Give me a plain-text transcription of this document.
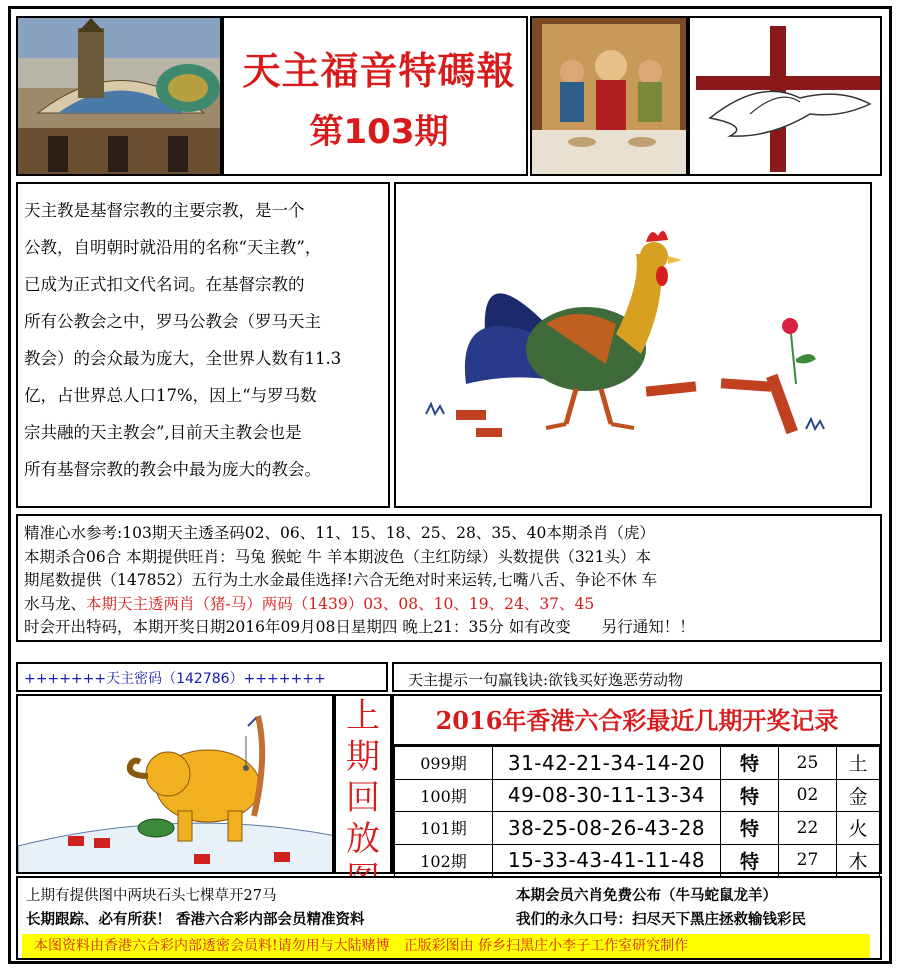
天主福音特碼報
第103期

天主教是基督宗教的主要宗教，是一个

公教，自明朝时就沿用的名称“天主教”，

已成为正式扣文代名词。在基督宗教的

所有公教会之中，罗马公教会（罗马天主

教会）的会众最为庞大，全世界人数有11.3

亿，占世界总人口17%，因上“与罗马数

宗共融的天主教会”,目前天主教会也是

所有基督宗教的教会中最为庞大的教会。

精准心水参考:103期天主透圣码02、06、11、15、18、25、28、35、40本期杀肖（虎）
本期杀合06合 本期提供旺肖：马兔 猴蛇 牛 羊本期波色（主红防绿）头数提供（321头）本
期尾数提供（147852）五行为土水金最佳选择!六合无绝对时来运转,七嘴八舌、争论不休 车
水马龙、本期天主透两肖（猪-马）两码（1439）03、08、10、19、24、37、45
时会开出特码，本期开奖日期2016年09月08日星期四 晚上21：35分 如有改变　　另行通知！！
+++++++天主密码（142786）+++++++	天主提示一句赢钱诀:欲钱买好逸恶劳动物
上
期
回
放
2016年香港六合彩最近几期开奖记录
099期	31-42-21-34-14-20	特	25	土
100期	49-08-30-11-13-34	特	02	金
101期	38-25-08-26-43-28	特	22	火
102期	15-33-43-41-11-48	特	27	木
上期有提供图中两块石头七棵草开27马	本期会员六肖免费公布（牛马蛇鼠龙羊）
长期跟踪、必有所获！ 香港六合彩内部会员精准资料	我们的永久口号：扫尽天下黑庄拯救输钱彩民
本图资料由香港六合彩内部透密会员料!请勿用与大陆赌博　正版彩图由 侨乡扫黑庄小李子工作室研究制作
